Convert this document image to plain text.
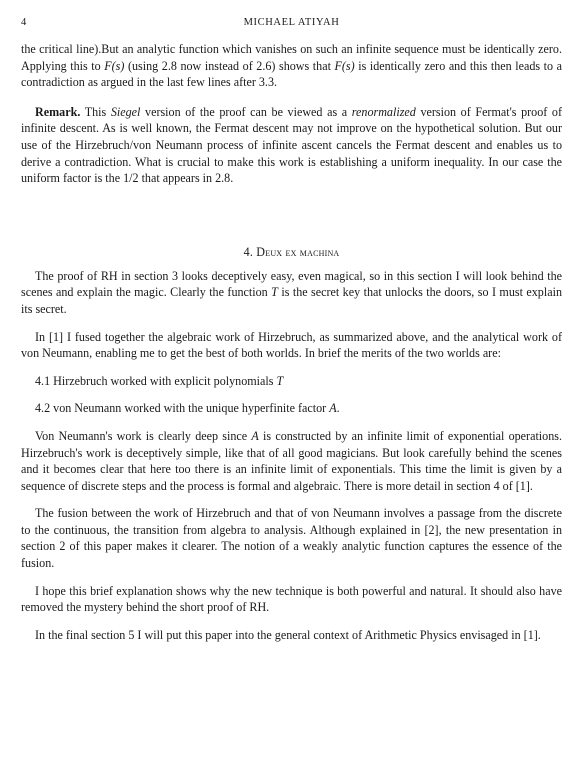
4	MICHAEL ATIYAH

the critical line).But an analytic function which vanishes on such an infinite sequence must be identically zero. Applying this to F(s) (using 2.8 now instead of 2.6) shows that F(s) is identically zero and this then leads to a contradiction as argued in the last few lines after 3.3.

Remark. This Siegel version of the proof can be viewed as a renormalized version of Fermat's proof of infinite descent. As is well known, the Fermat descent may not improve on the hypothetical solution. But our use of the Hirzebruch/von Neumann process of infinite ascent cancels the Fermat descent and enables us to derive a contradiction. What is crucial to make this work is establishing a uniform inequality. In our case the uniform factor is the 1/2 that appears in 2.8.

4. Deux ex machina

The proof of RH in section 3 looks deceptively easy, even magical, so in this section I will look behind the scenes and explain the magic. Clearly the function T is the secret key that unlocks the doors, so I must explain its secret.

In [1] I fused together the algebraic work of Hirzebruch, as summarized above, and the analytical work of von Neumann, enabling me to get the best of both worlds. In brief the merits of the two worlds are:

4.1 Hirzebruch worked with explicit polynomials T
4.2 von Neumann worked with the unique hyperfinite factor A.

Von Neumann's work is clearly deep since A is constructed by an infinite limit of exponential operations. Hirzebruch's work is deceptively simple, like that of all good magicians. But look carefully behind the scenes and it becomes clear that here too there is an infinite limit of exponentials. This time the limit is given by a sequence of discrete steps and the process is formal and algebraic. There is more detail in section 4 of [1].

The fusion between the work of Hirzebruch and that of von Neumann involves a passage from the discrete to the continuous, the transition from algebra to analysis. Although explained in [2], the new presentation in section 2 of this paper makes it clearer. The notion of a weakly analytic function captures the essence of the fusion.

I hope this brief explanation shows why the new technique is both powerful and natural. It should also have removed the mystery behind the short proof of RH.

In the final section 5 I will put this paper into the general context of Arithmetic Physics envisaged in [1].
